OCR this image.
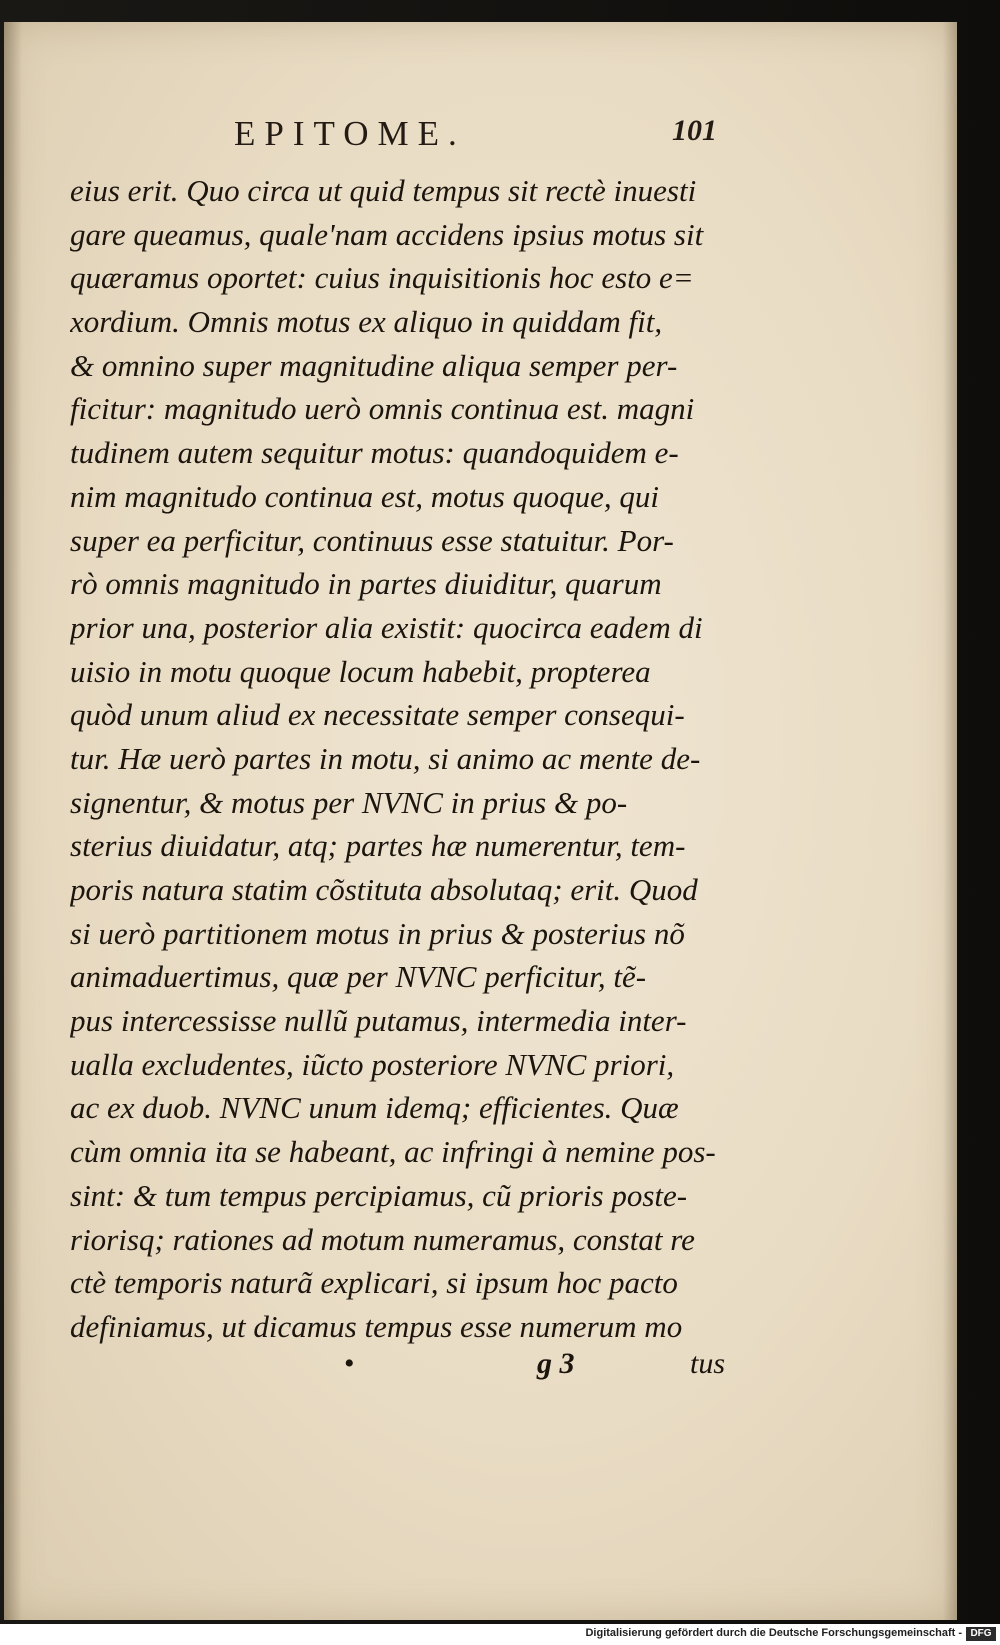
EPITOME.	101
eius erit. Quo circa ut quid tempus sit rectè inuesti
gare queamus, quale'nam accidens ipsius motus sit
quæramus oportet: cuius inquisitionis hoc esto e=
xordium. Omnis motus ex aliquo in quiddam fit,
& omnino super magnitudine aliqua semper per-
ficitur: magnitudo uerò omnis continua est. magni
tudinem autem sequitur motus: quandoquidem e-
nim magnitudo continua est, motus quoque, qui
super ea perficitur, continuus esse statuitur. Por-
rò omnis magnitudo in partes diuiditur, quarum
prior una, posterior alia existit: quocirca eadem di
uisio in motu quoque locum habebit, propterea
quòd unum aliud ex necessitate semper consequi-
tur. Hæ uerò partes in motu, si animo ac mente de-
signentur, & motus per NVNC in prius & po-
sterius diuidatur, atq; partes hæ numerentur, tem-
poris natura statim cõstituta absolutaq; erit. Quod
si uerò partitionem motus in prius & posterius nõ
animaduertimus, quæ per NVNC perficitur, tẽ-
pus intercessisse nullũ putamus, intermedia inter-
ualla excludentes, iũcto posteriore NVNC priori,
ac ex duob. NVNC unum idemq; efficientes. Quæ
cùm omnia ita se habeant, ac infringi à nemine pos-
sint: & tum tempus percipiamus, cũ prioris poste-
riorisq; rationes ad motum numeramus, constat re
ctè temporis naturã explicari, si ipsum hoc pacto
definiamus, ut dicamus tempus esse numerum mo
•	g 3	tus
Digitalisierung gefördert durch die Deutsche Forschungsgemeinschaft - DFG
